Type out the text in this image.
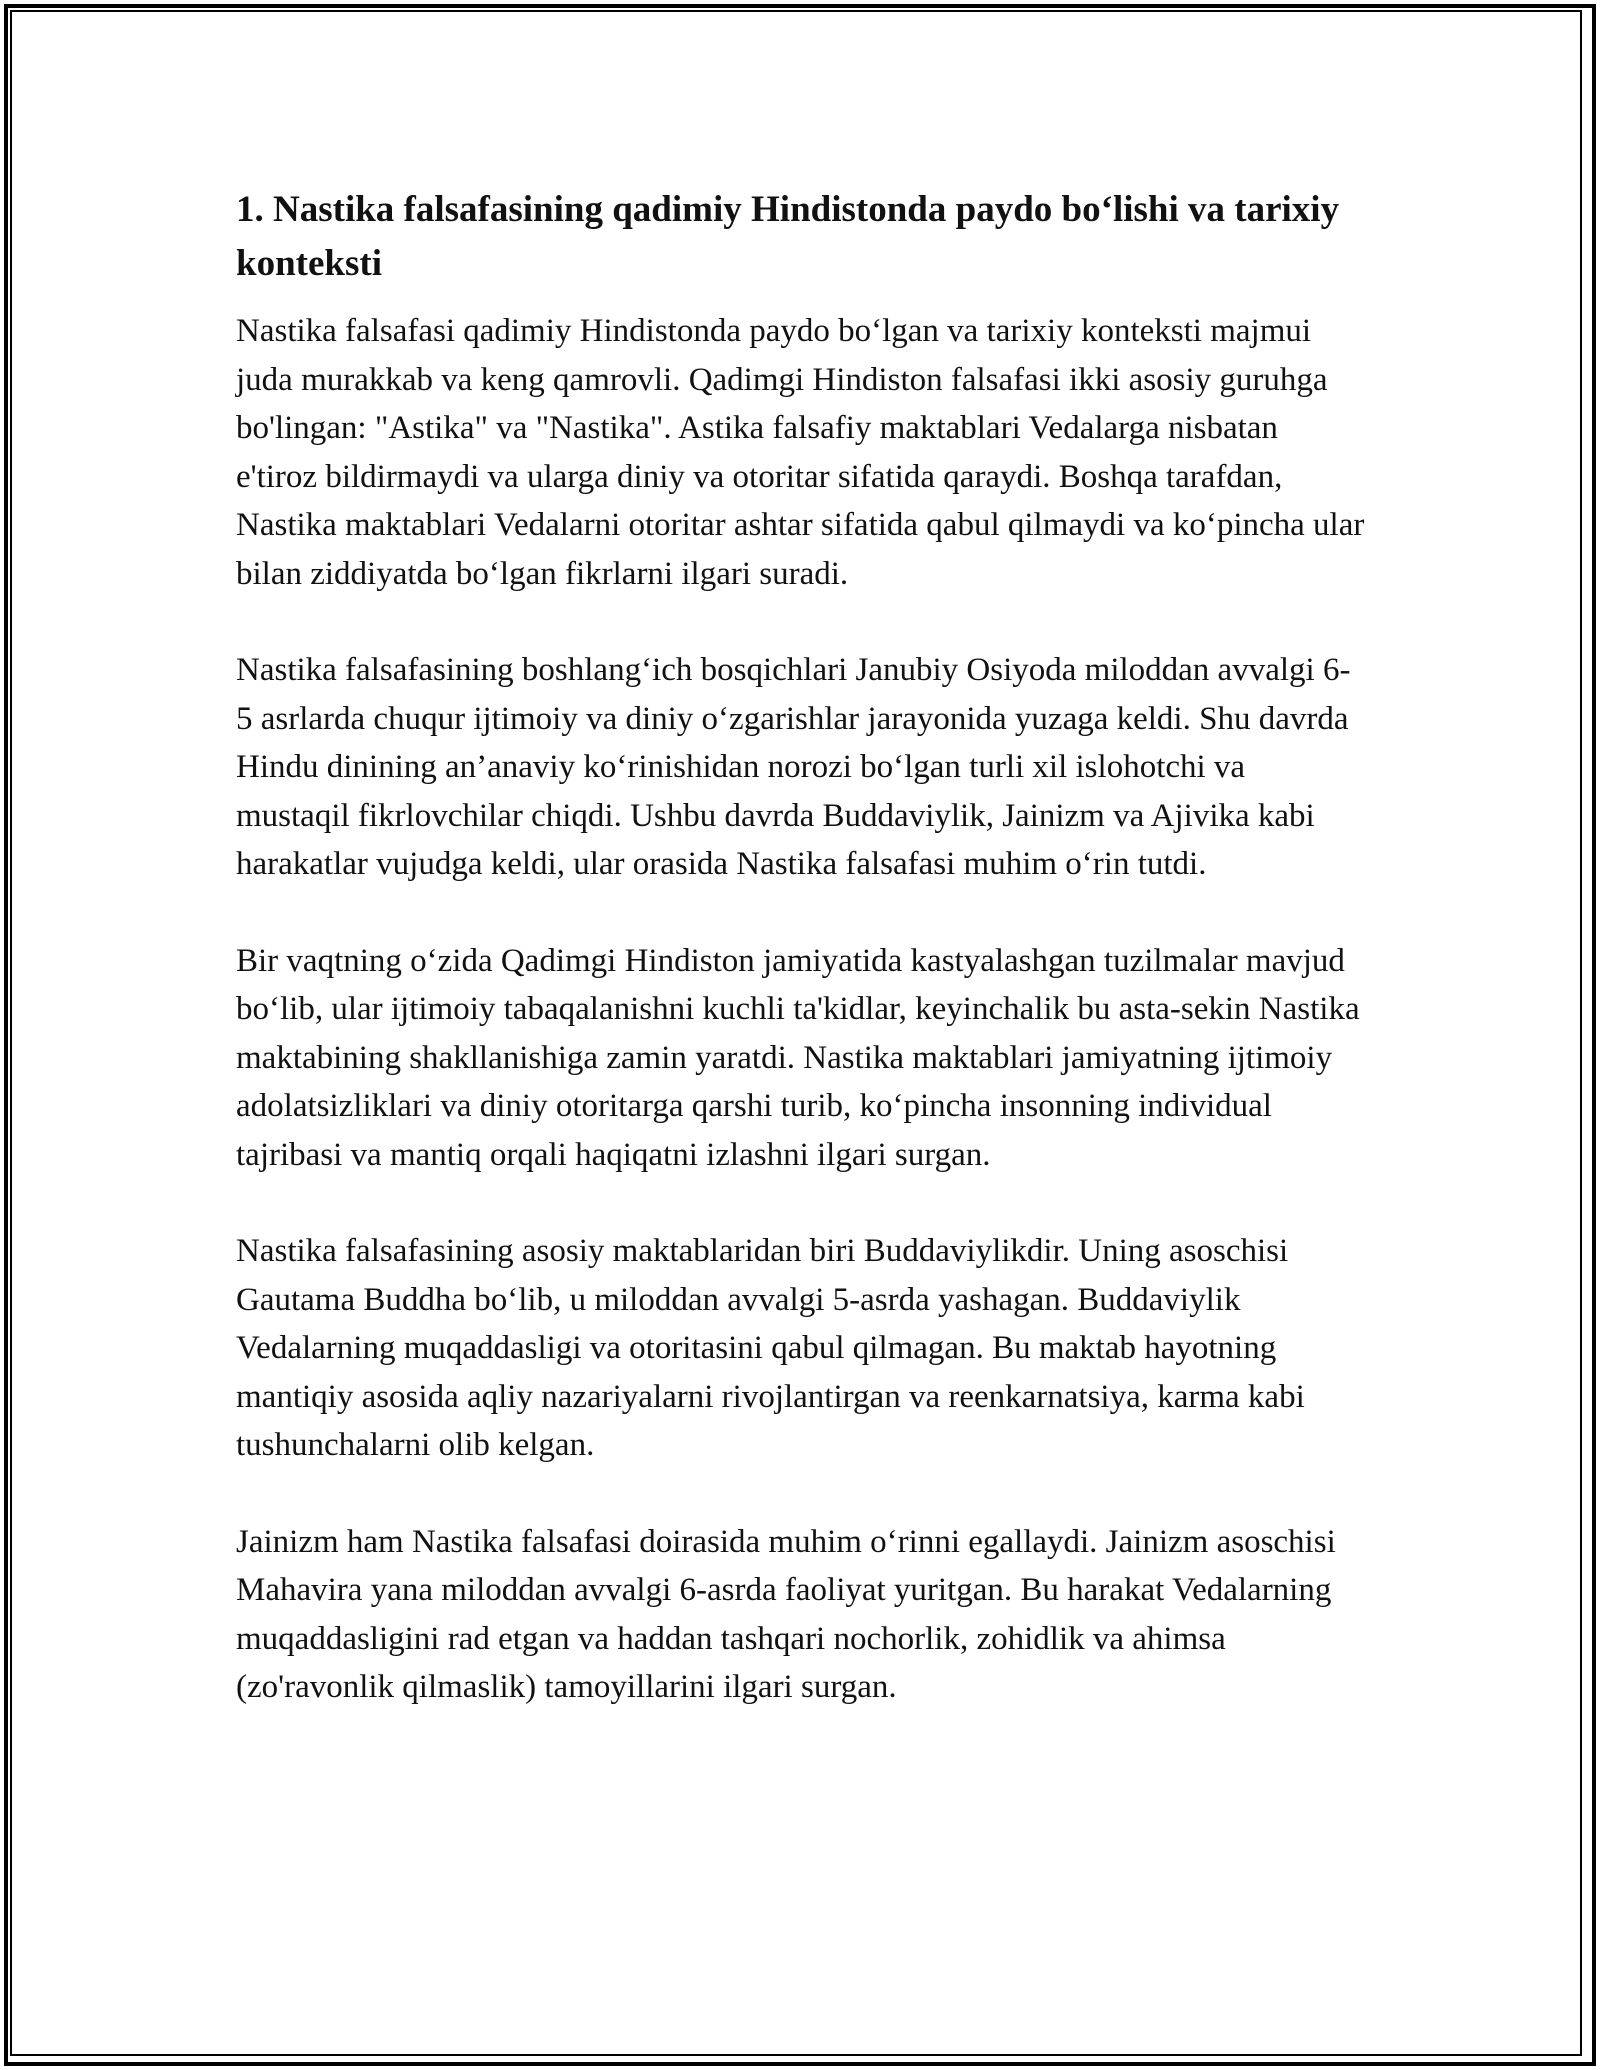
1. Nastika falsafasining qadimiy Hindistonda paydo bo‘lishi va tarixiy konteksti

Nastika falsafasi qadimiy Hindistonda paydo bo‘lgan va tarixiy konteksti majmui juda murakkab va keng qamrovli. Qadimgi Hindiston falsafasi ikki asosiy guruhga bo'lingan: "Astika" va "Nastika". Astika falsafiy maktablari Vedalarga nisbatan e'tiroz bildirmaydi va ularga diniy va otoritar sifatida qaraydi. Boshqa tarafdan, Nastika maktablari Vedalarni otoritar ashtar sifatida qabul qilmaydi va ko‘pincha ular bilan ziddiyatda bo‘lgan fikrlarni ilgari suradi.

Nastika falsafasining boshlang‘ich bosqichlari Janubiy Osiyoda miloddan avvalgi 6-5 asrlarda chuqur ijtimoiy va diniy o‘zgarishlar jarayonida yuzaga keldi. Shu davrda Hindu dinining an’anaviy ko‘rinishidan norozi bo‘lgan turli xil islohotchi va mustaqil fikrlovchilar chiqdi. Ushbu davrda Buddaviylik, Jainizm va Ajivika kabi harakatlar vujudga keldi, ular orasida Nastika falsafasi muhim o‘rin tutdi.

Bir vaqtning o‘zida Qadimgi Hindiston jamiyatida kastyalashgan tuzilmalar mavjud bo‘lib, ular ijtimoiy tabaqalanishni kuchli ta'kidlar, keyinchalik bu asta-sekin Nastika maktabining shakllanishiga zamin yaratdi. Nastika maktablari jamiyatning ijtimoiy adolatsizliklari va diniy otoritarga qarshi turib, ko‘pincha insonning individual tajribasi va mantiq orqali haqiqatni izlashni ilgari surgan.

Nastika falsafasining asosiy maktablaridan biri Buddaviylikdir. Uning asoschisi Gautama Buddha bo‘lib, u miloddan avvalgi 5-asrda yashagan. Buddaviylik Vedalarning muqaddasligi va otoritasini qabul qilmagan. Bu maktab hayotning mantiqiy asosida aqliy nazariyalarni rivojlantirgan va reenkarnatsiya, karma kabi tushunchalarni olib kelgan.

Jainizm ham Nastika falsafasi doirasida muhim o‘rinni egallaydi. Jainizm asoschisi Mahavira yana miloddan avvalgi 6-asrda faoliyat yuritgan. Bu harakat Vedalarning muqaddasligini rad etgan va haddan tashqari nochorlik, zohidlik va ahimsa (zo'ravonlik qilmaslik) tamoyillarini ilgari surgan.
